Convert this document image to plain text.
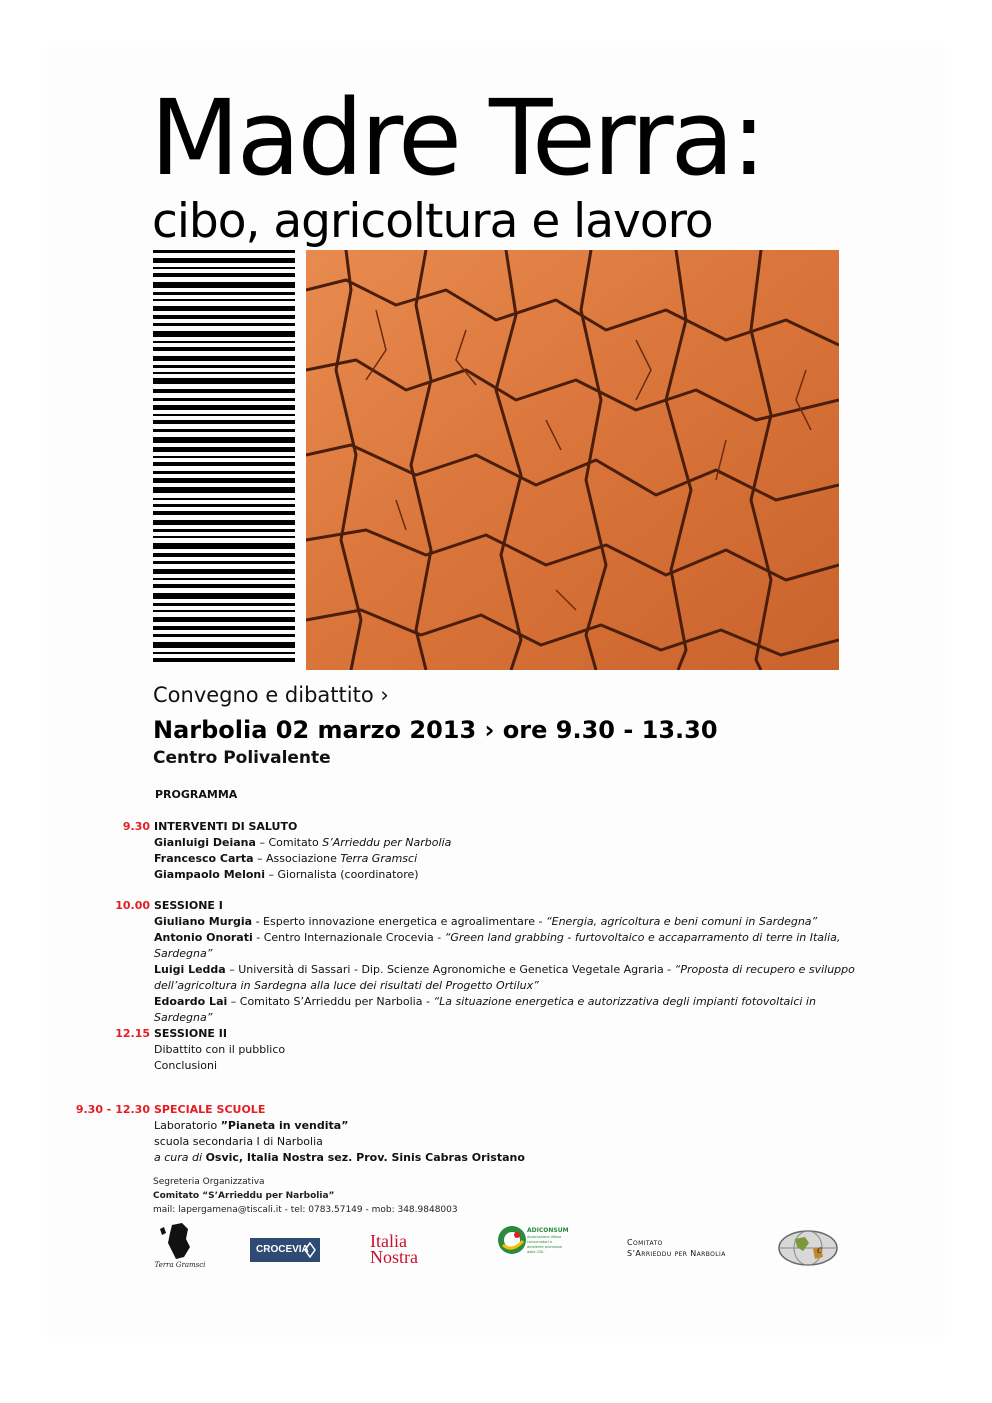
Madre Terra:
cibo, agricoltura e lavoro
Convegno e dibattito ›
Narbolia 02 marzo 2013 › ore 9.30 - 13.30
Centro Polivalente
PROGRAMMA
9.30 INTERVENTI DI SALUTO
Gianluigi Deiana – Comitato S’Arrieddu per Narbolia
Francesco Carta – Associazione Terra Gramsci
Giampaolo Meloni – Giornalista (coordinatore)
10.00 SESSIONE I
Giuliano Murgia - Esperto innovazione energetica e agroalimentare - “Energia, agricoltura e beni comuni in Sardegna”
Antonio Onorati - Centro Internazionale Crocevia - “Green land grabbing - furtovoltaico e accaparramento di terre in Italia, Sardegna”
Luigi Ledda – Università di Sassari - Dip. Scienze Agronomiche e Genetica Vegetale Agraria - “Proposta di recupero e sviluppo dell’agricoltura in Sardegna alla luce dei risultati del Progetto Ortilux”
Edoardo Lai – Comitato S’Arrieddu per Narbolia - “La situazione energetica e autorizzativa degli impianti fotovoltaici in Sardegna”
12.15 SESSIONE II
Dibattito con il pubblico
Conclusioni
9.30 - 12.30 SPECIALE SCUOLE
Laboratorio ”Pianeta in vendita”
scuola secondaria I di Narbolia
a cura di Osvic, Italia Nostra sez. Prov. Sinis Cabras Oristano
Segreteria Organizzativa
Comitato “S’Arrieddu per Narbolia”
mail: lapergamena@tiscali.it - tel: 0783.57149 - mob: 348.9848003
Terra Gramsci
CROCEVIA	Italia
Nostra
ADICONSUM
Associazione difesa consumatori e ambiente promossa dalla CISL
Comitato
S’Arrieddu per Narbolia	c
